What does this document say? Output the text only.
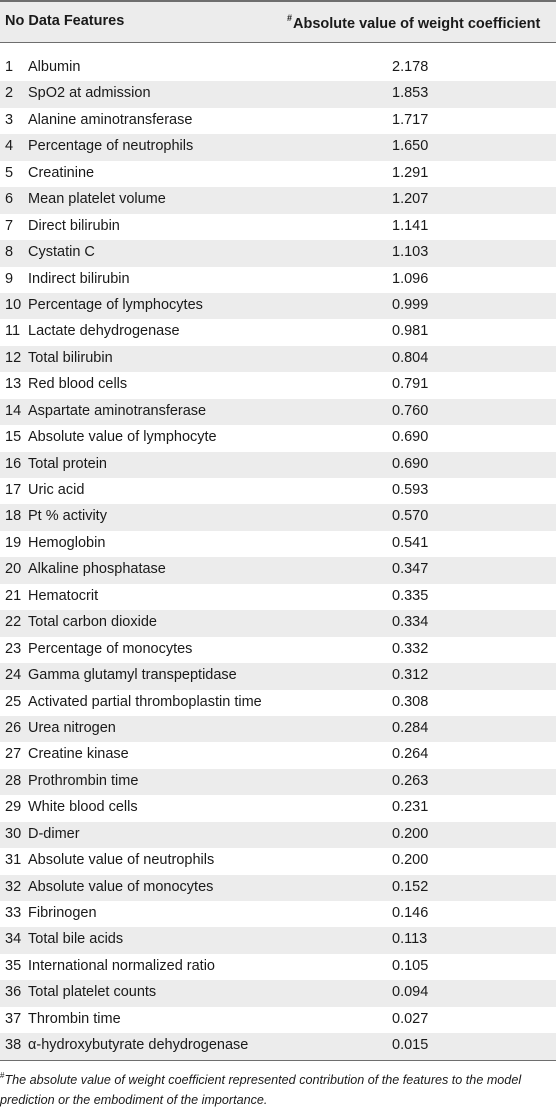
No Data Features	#Absolute value of weight coefficient
1 Albumin	2.178
2 SpO2 at admission	1.853
3 Alanine aminotransferase	1.717
4 Percentage of neutrophils	1.650
5 Creatinine	1.291
6 Mean platelet volume	1.207
7 Direct bilirubin	1.141
8 Cystatin C	1.103
9 Indirect bilirubin	1.096
10 Percentage of lymphocytes	0.999
11 Lactate dehydrogenase	0.981
12 Total bilirubin	0.804
13 Red blood cells	0.791
14 Aspartate aminotransferase	0.760
15 Absolute value of lymphocyte	0.690
16 Total protein	0.690
17 Uric acid	0.593
18 Pt % activity	0.570
19 Hemoglobin	0.541
20 Alkaline phosphatase	0.347
21 Hematocrit	0.335
22 Total carbon dioxide	0.334
23 Percentage of monocytes	0.332
24 Gamma glutamyl transpeptidase	0.312
25 Activated partial thromboplastin time	0.308
26 Urea nitrogen	0.284
27 Creatine kinase	0.264
28 Prothrombin time	0.263
29 White blood cells	0.231
30 D-dimer	0.200
31 Absolute value of neutrophils	0.200
32 Absolute value of monocytes	0.152
33 Fibrinogen	0.146
34 Total bile acids	0.113
35 International normalized ratio	0.105
36 Total platelet counts	0.094
37 Thrombin time	0.027
38 α-hydroxybutyrate dehydrogenase	0.015
#The absolute value of weight coefficient represented contribution of the features to the model prediction or the embodiment of the importance.
